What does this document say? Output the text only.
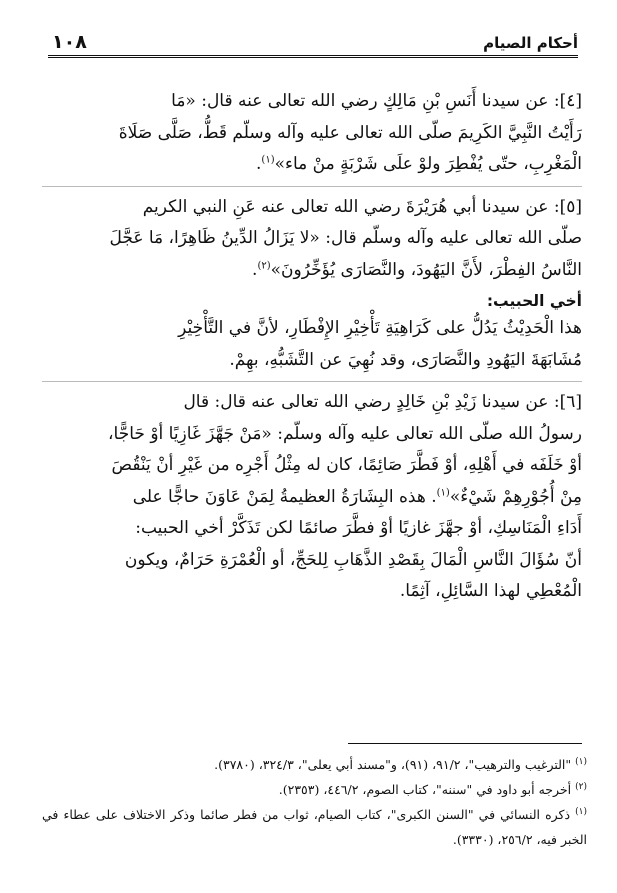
أحكام الصيام
١٠٨

[٤]: عن سيدنا أَنَسِ بْنِ مَالِكٍ رضي الله تعالى عنه قال: «مَا
رَأَيْتُ النَّبِيَّ الكَرِيمَ صلّى الله تعالى عليه وآله وسلّم قَطُّ، صَلَّى صَلَاةَ
الْمَغْرِبِ، حتّى يُفْطِرَ ولوْ علَى شَرْبَةٍ منْ ماء»$^{(١)}$.

[٥]: عن سيدنا أبي هُرَيْرَةَ رضي الله تعالى عنه عَنِ النبي الكريم
صلّى الله تعالى عليه وآله وسلّم قال: «لا يَزَالُ الدِّينُ ظَاهِرًا، مَا عَجَّلَ
النَّاسُ الفِطْرَ، لأَنَّ اليَهُودَ، والنَّصَارَى يُؤَخِّرُونَ»$^{(٢)}$.

أخي الحبيب:

هذا الْحَدِيْثُ يَدُلُّ على كَرَاهِيَةِ تَأْخِيْرِ الإِفْطَارِ، لأنَّ في التَّأْخِيْرِ
مُشَابَهَةَ اليَهُودِ والنَّصَارَى، وقد نُهِيَ عن التَّشَبُّهِ، بهِمْ.

[٦]: عن سيدنا زَيْدِ بْنِ خَالِدٍ رضي الله تعالى عنه قال: قال
رسولُ الله صلّى الله تعالى عليه وآله وسلّم: «مَنْ جَهَّزَ غَازِيًا أوْ حَاجًّا،
أوْ خَلَفَه في أَهْلِهِ، أوْ فَطَّرَ صَائِمًا، كان له مِثْلُ أَجْرِه من غَيْرِ أنْ يَنْقُصَ
مِنْ أُجُوْرِهِمْ شَيْءٌ»$^{(١)}$. هذه البِشَارَةُ العظيمةُ لِمَنْ عَاوَنَ حاجًّا على
أَدَاءِ الْمَنَاسِكِ، أوْ جهَّزَ غازيًا أوْ فطَّرَ صائمًا لكن تَذَكَّرْ أخي الحبيب:
أنّ سُؤَالَ النَّاسِ الْمَالَ بِقَصْدِ الذَّهَابِ لِلحَجِّ، أو الْعُمْرَةِ حَرَامٌ، ويكون
الْمُعْطِي لهذا السَّائِلِ، آثِمًا.

$^{(١)}$ "الترغيب والترهيب"، ٩١/٢، (٩١)، و"مسند أبي يعلى"، ٣٢٤/٣، (٣٧٨٠).

$^{(٢)}$ أخرجه أبو داود في "سننه"، كتاب الصوم، ٤٤٦/٢، (٢٣٥٣).

$^{(١)}$ ذكره النسائي في "السنن الكبرى"، كتاب الصيام، ثواب من فطر صائما وذكر الاختلاف على عطاء في الخبر فيه، ٢٥٦/٢، (٣٣٣٠).
